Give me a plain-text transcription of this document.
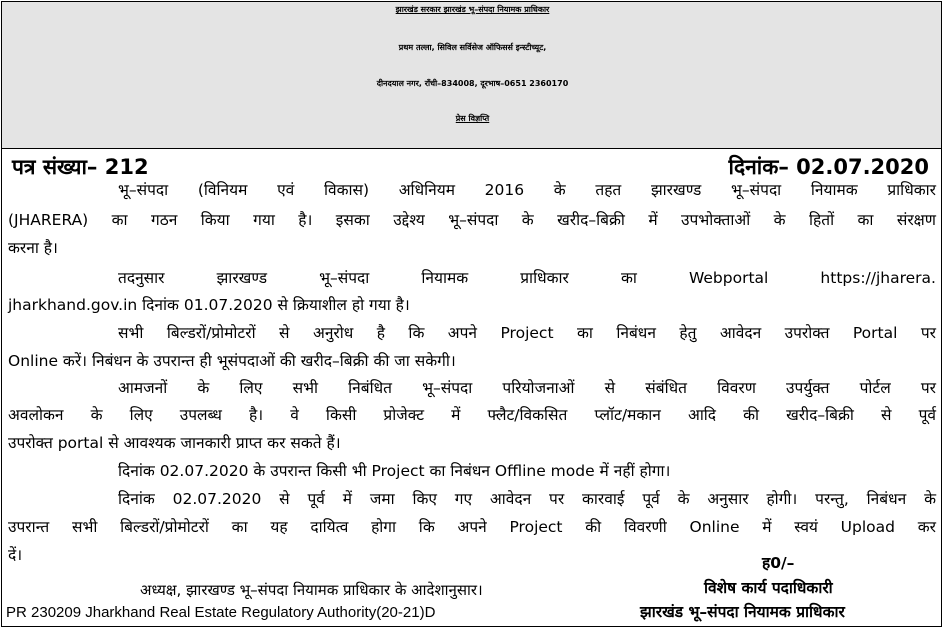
झारखंड सरकार झारखंड भू–संपदा नियामक प्राधिकार
प्रथम तल्ला, सिविल सर्विसेज ऑफिसर्स इन्स्टीच्यूट,
दीनदयाल नगर, राँची–834008, दूरभाष–0651 2360170
प्रेस विज्ञप्ति
पत्र संख्या– 212	दिनांक– 02.07.2020
भू–संपदा (विनियम एवं विकास) अधिनियम 2016 के तहत झारखण्ड भू–संपदा नियामक प्राधिकार
(JHARERA) का गठन किया गया है। इसका उद्देश्य भू–संपदा के खरीद–बिक्री में उपभोक्ताओं के हितों का संरक्षण
करना है।
तदनुसार झारखण्ड भू–संपदा नियामक प्राधिकार का Webportal https://jharera.
jharkhand.gov.in दिनांक 01.07.2020 से क्रियाशील हो गया है।
सभी बिल्डरों/प्रोमोटरों से अनुरोध है कि अपने Project का निबंधन हेतु आवेदन उपरोक्त Portal पर
Online करें। निबंधन के उपरान्त ही भूसंपदाओं की खरीद–बिक्री की जा सकेगी।
आमजनों के लिए सभी निबंधित भू–संपदा परियोजनाओं से संबंधित विवरण उपर्युक्त पोर्टल पर
अवलोकन के लिए उपलब्ध है। वे किसी प्रोजेक्ट में फ्लैट/विकसित प्लॉट/मकान आदि की खरीद–बिक्री से पूर्व
उपरोक्त portal से आवश्यक जानकारी प्राप्त कर सकते हैं।
दिनांक 02.07.2020 के उपरान्त किसी भी Project का निबंधन Offline mode में नहीं होगा।
दिनांक 02.07.2020 से पूर्व में जमा किए गए आवेदन पर कारवाई पूर्व के अनुसार होगी। परन्तु, निबंधन के
उपरान्त सभी बिल्डरों/प्रोमोटरों का यह दायित्व होगा कि अपने Project की विवरणी Online में स्वयं Upload कर
दें।	ह0/–
विशेष कार्य पदाधिकारी
झारखंड भू–संपदा नियामक प्राधिकार
अध्यक्ष, झारखण्ड भू–संपदा नियामक प्राधिकार के आदेशानुसार।
PR 230209 Jharkhand Real Estate Regulatory Authority(20-21)D
